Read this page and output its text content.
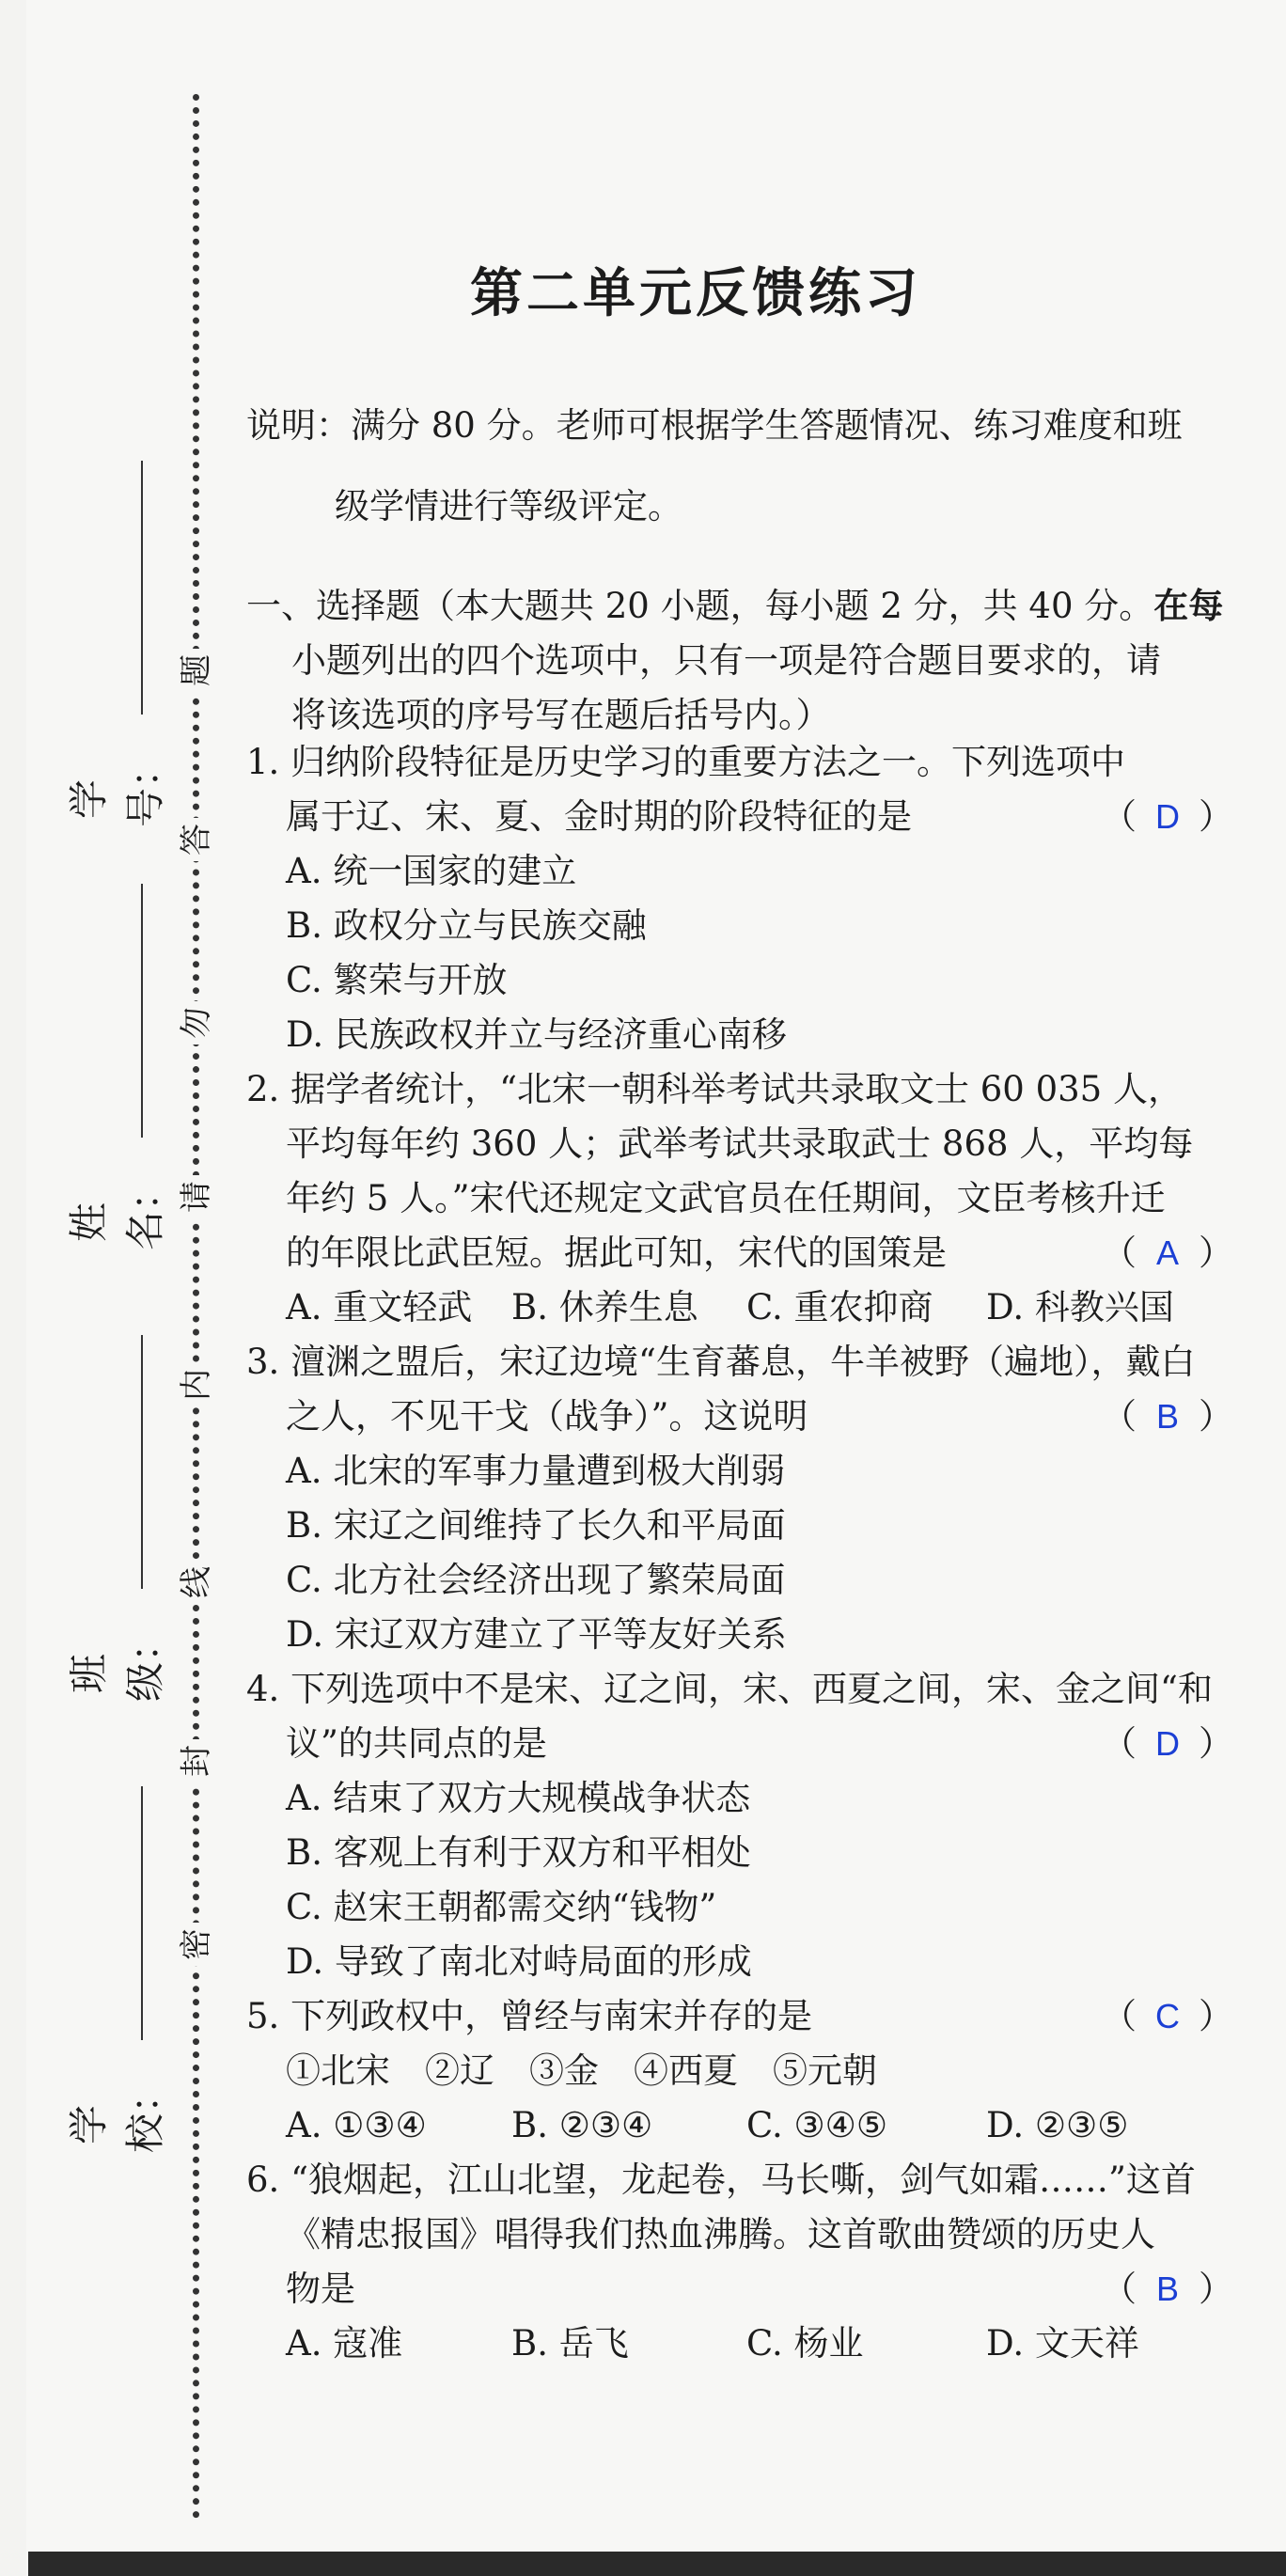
题
答
勿
请
内
线
封
密
学号：
姓名：
班级：
学校：
第二单元反馈练习
说明：满分 80 分。老师可根据学生答题情况、练习难度和班
级学情进行等级评定。
一、选择题（本大题共 20 小题，每小题 2 分，共 40 分。在每
小题列出的四个选项中，只有一项是符合题目要求的，请
将该选项的序号写在题后括号内。）
1. 归纳阶段特征是历史学习的重要方法之一。下列选项中
属于辽、宋、夏、金时期的阶段特征的是	（ D ）
A. 统一国家的建立
B. 政权分立与民族交融
C. 繁荣与开放
D. 民族政权并立与经济重心南移
2. 据学者统计，“北宋一朝科举考试共录取文士 60 035 人，
平均每年约 360 人；武举考试共录取武士 868 人，平均每
年约 5 人。”宋代还规定文武官员在任期间，文臣考核升迁
的年限比武臣短。据此可知，宋代的国策是	（ A ）
A. 重文轻武	B. 休养生息	C. 重农抑商	D. 科教兴国
3. 澶渊之盟后，宋辽边境“生育蕃息，牛羊被野（遍地），戴白
之人，不见干戈（战争）”。这说明	（ B ）
A. 北宋的军事力量遭到极大削弱
B. 宋辽之间维持了长久和平局面
C. 北方社会经济出现了繁荣局面
D. 宋辽双方建立了平等友好关系
4. 下列选项中不是宋、辽之间，宋、西夏之间，宋、金之间“和
议”的共同点的是	（ D ）
A. 结束了双方大规模战争状态
B. 客观上有利于双方和平相处
C. 赵宋王朝都需交纳“钱物”
D. 导致了南北对峙局面的形成
5. 下列政权中，曾经与南宋并存的是	（ C ）
①北宋　②辽　③金　④西夏　⑤元朝
A. ①③④	B. ②③④	C. ③④⑤	D. ②③⑤
6. “狼烟起，江山北望，龙起卷，马长嘶，剑气如霜……”这首
《精忠报国》唱得我们热血沸腾。这首歌曲赞颂的历史人
物是	（ B ）
A. 寇准	B. 岳飞	C. 杨业	D. 文天祥
